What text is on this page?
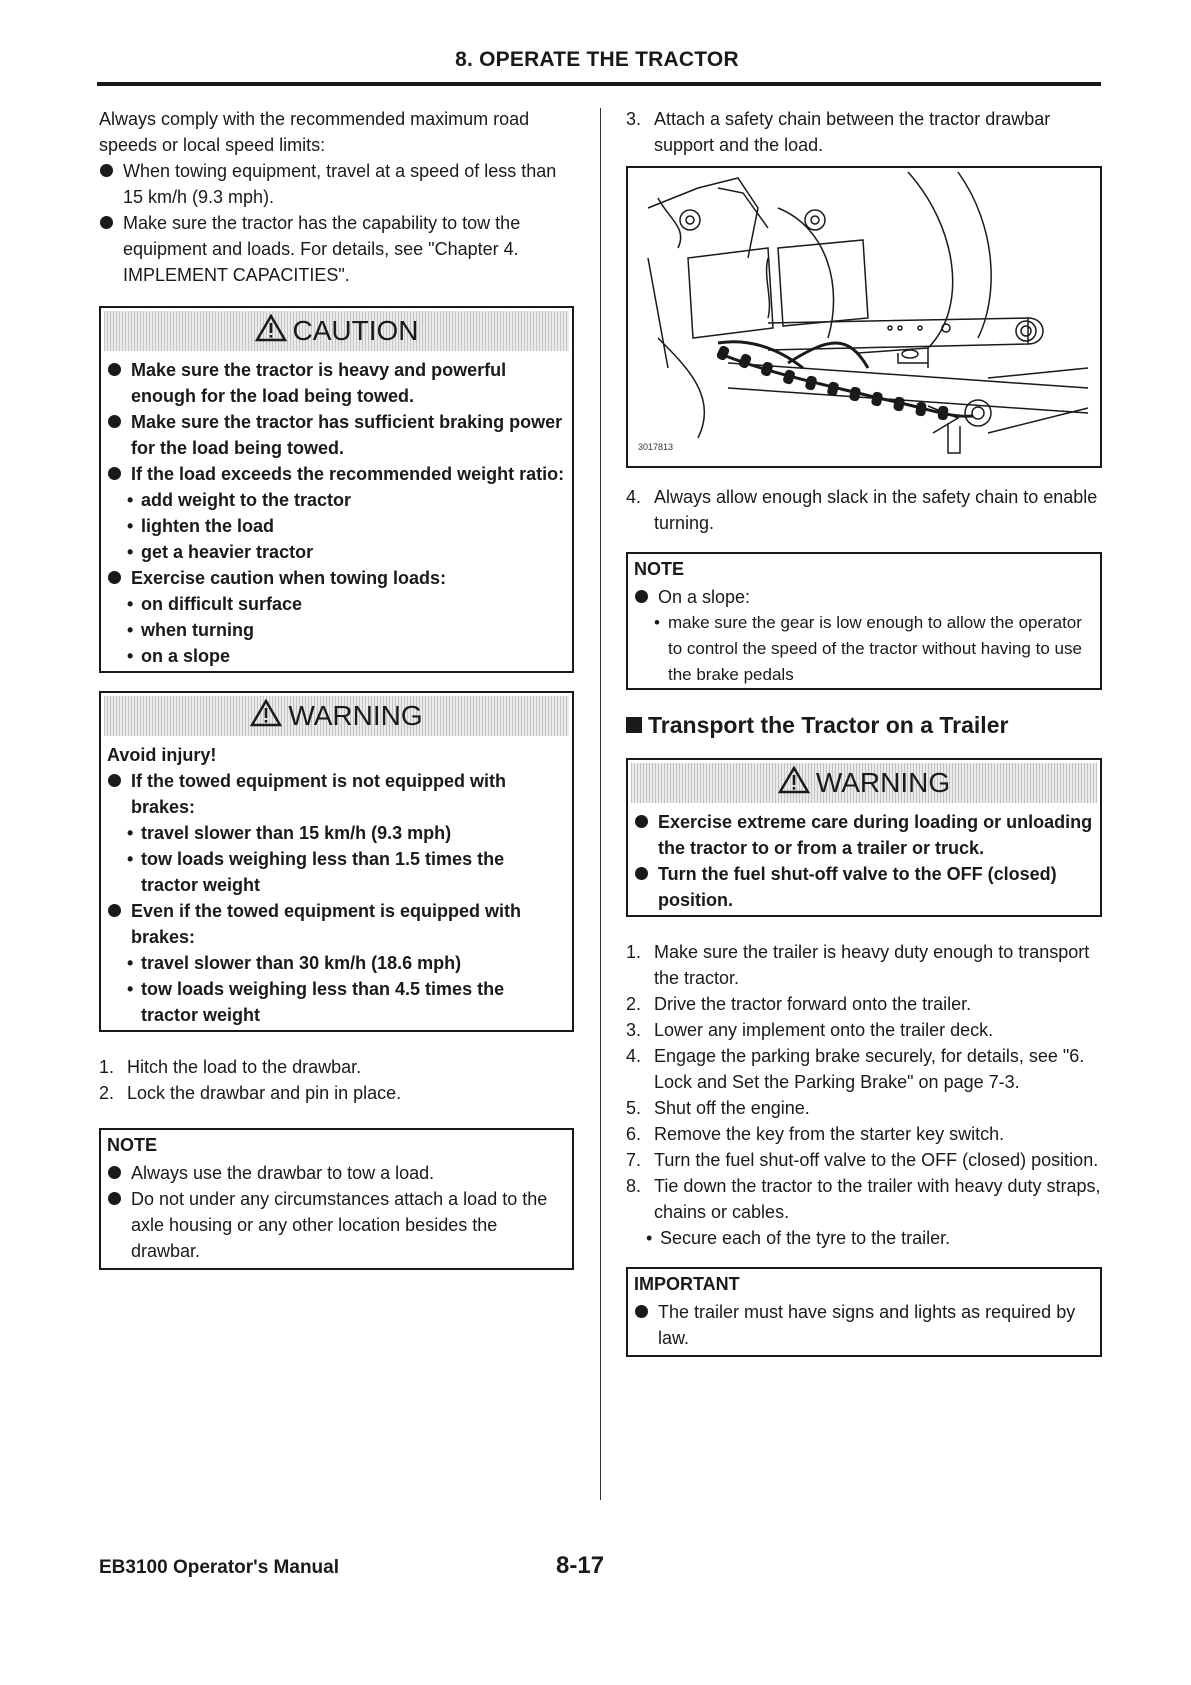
8. OPERATE THE TRACTOR

Always comply with the recommended maximum road speeds or local speed limits:

When towing equipment, travel at a speed of less than 15 km/h (9.3 mph).

Make sure the tractor has the capability to tow the equipment and loads. For details, see "Chapter 4. IMPLEMENT CAPACITIES".

CAUTION

Make sure the tractor is heavy and powerful enough for the load being towed.

Make sure the tractor has sufficient braking power for the load being towed.

If the load exceeds the recommended weight ratio:

• add weight to the tractor

• lighten the load

• get a heavier tractor

Exercise caution when towing loads:

• on difficult surface

• when turning

• on a slope

WARNING

Avoid injury!

If the towed equipment is not equipped with brakes:

• travel slower than 15 km/h (9.3 mph)

• tow loads weighing less than 1.5 times the tractor weight

Even if the towed equipment is equipped with brakes:

• travel slower than 30 km/h (18.6 mph)

• tow loads weighing less than 4.5 times the tractor weight

1. Hitch the load to the drawbar.

2. Lock the drawbar and pin in place.

NOTE

Always use the drawbar to tow a load.

Do not under any circumstances attach a load to the axle housing or any other location besides the drawbar.

3. Attach a safety chain between the tractor drawbar support and the load.

3017813

4. Always allow enough slack in the safety chain to enable turning.

NOTE

On a slope:

• make sure the gear is low enough to allow the operator to control the speed of the tractor without having to use the brake pedals

Transport the Tractor on a Trailer

WARNING

Exercise extreme care during loading or unloading the tractor to or from a trailer or truck.

Turn the fuel shut-off valve to the OFF (closed) position.

1. Make sure the trailer is heavy duty enough to transport the tractor.

2. Drive the tractor forward onto the trailer.

3. Lower any implement onto the trailer deck.

4. Engage the parking brake securely, for details, see "6. Lock and Set the Parking Brake" on page 7-3.

5. Shut off the engine.

6. Remove the key from the starter key switch.

7. Turn the fuel shut-off valve to the OFF (closed) position.

8. Tie down the tractor to the trailer with heavy duty straps, chains or cables.

• Secure each of the tyre to the trailer.

IMPORTANT

The trailer must have signs and lights as required by law.

EB3100 Operator's Manual	8-17
